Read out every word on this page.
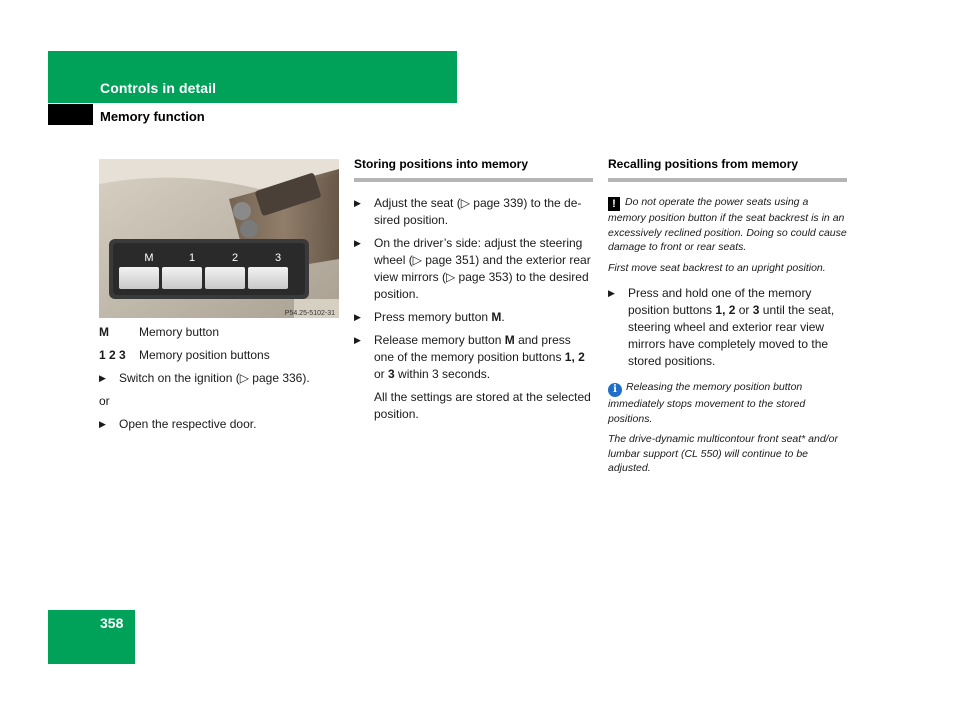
Controls in detail
Memory function
M	1	2	3
P54.25-5102-31
M	Memory button
1 2 3	Memory position buttons
▶	Switch on the ignition (▷ page 336).
or
▶	Open the respective door.
Storing positions into memory
▶	Adjust the seat (▷ page 339) to the de-sired position.
▶	On the driver’s side: adjust the steering wheel (▷ page 351) and the exterior rear view mirrors (▷ page 353) to the desired position.
▶	Press memory button M.
▶	Release memory button M and press one of the memory position buttons 1, 2 or 3 within 3 seconds.
All the settings are stored at the selected position.
Recalling positions from memory
! Do not operate the power seats using a memory position button if the seat backrest is in an excessively reclined position. Doing so could cause damage to front or rear seats.
First move seat backrest to an upright position.
▶	Press and hold one of the memory position buttons 1, 2 or 3 until the seat, steering wheel and exterior rear view mirrors have completely moved to the stored positions.
i Releasing the memory position button immediately stops movement to the stored positions.
The drive-dynamic multicontour front seat* and/or lumbar support (CL 550) will continue to be adjusted.
358
